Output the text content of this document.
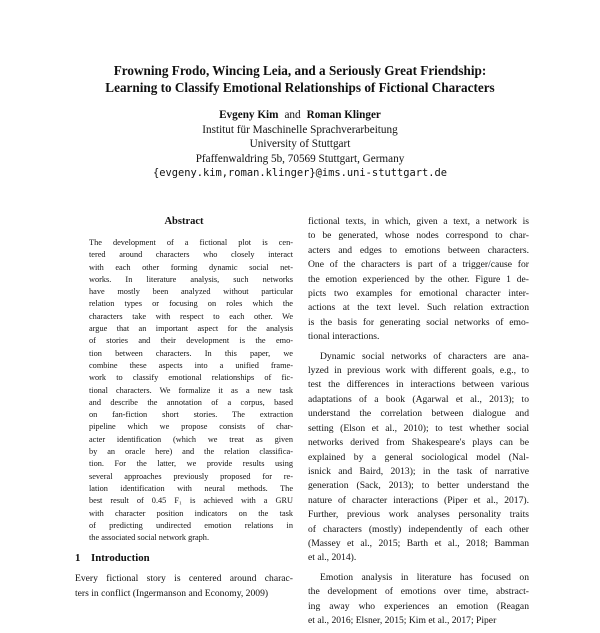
Frowning Frodo, Wincing Leia, and a Seriously Great Friendship:
Learning to Classify Emotional Relationships of Fictional Characters
Evgeny Kim and Roman Klinger
Institut für Maschinelle Sprachverarbeitung
University of Stuttgart
Pfaffenwaldring 5b, 70569 Stuttgart, Germany
{evgeny.kim,roman.klinger}@ims.uni-stuttgart.de
Abstract
The development of a fictional plot is cen-
tered around characters who closely interact
with each other forming dynamic social net-
works. In literature analysis, such networks
have mostly been analyzed without particular
relation types or focusing on roles which the
characters take with respect to each other. We
argue that an important aspect for the analysis
of stories and their development is the emo-
tion between characters. In this paper, we
combine these aspects into a unified frame-
work to classify emotional relationships of fic-
tional characters. We formalize it as a new task
and describe the annotation of a corpus, based
on fan-fiction short stories. The extraction
pipeline which we propose consists of char-
acter identification (which we treat as given
by an oracle here) and the relation classifica-
tion. For the latter, we provide results using
several approaches previously proposed for re-
lation identification with neural methods. The
best result of 0.45 F₁ is achieved with a GRU
with character position indicators on the task
of predicting undirected emotion relations in
the associated social network graph.
1 Introduction
Every fictional story is centered around charac-
ters in conflict (Ingermanson and Economy, 2009)
fictional texts, in which, given a text, a network is
to be generated, whose nodes correspond to char-
acters and edges to emotions between characters.
One of the characters is part of a trigger/cause for
the emotion experienced by the other. Figure 1 de-
picts two examples for emotional character inter-
actions at the text level. Such relation extraction
is the basis for generating social networks of emo-
tional interactions.
Dynamic social networks of characters are ana-
lyzed in previous work with different goals, e.g., to
test the differences in interactions between various
adaptations of a book (Agarwal et al., 2013); to
understand the correlation between dialogue and
setting (Elson et al., 2010); to test whether social
networks derived from Shakespeare's plays can be
explained by a general sociological model (Nal-
isnick and Baird, 2013); in the task of narrative
generation (Sack, 2013); to better understand the
nature of character interactions (Piper et al., 2017).
Further, previous work analyses personality traits
of characters (mostly) independently of each other
(Massey et al., 2015; Barth et al., 2018; Bamman
et al., 2014).
Emotion analysis in literature has focused on
the development of emotions over time, abstract-
ing away who experiences an emotion (Reagan
et al., 2016; Elsner, 2015; Kim et al., 2017; Piper
